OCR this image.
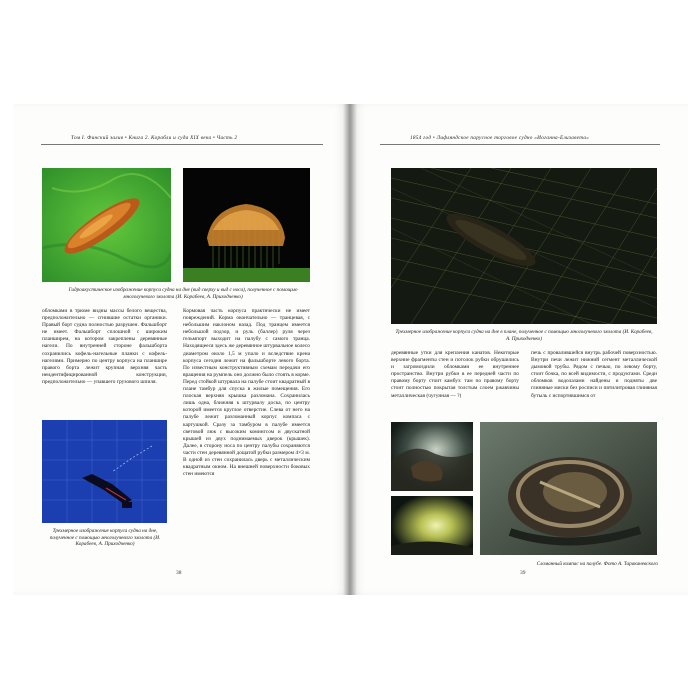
Том I. Финский залив • Книга 2. Корабли и суда XIX века • Часть 2
Гидроакустическое изображение корпуса судна на дне (вид сверху и вид с носа), полученное с помощью многолучевого эхолота (И. Корабеев, А. Приходченко)

обломками в трюме видны массы белого вещества, предположительно — сгнившие остатки органики. Правый борт судна полностью разрушен. Фальшборт не имеет. Фальшборт сплошной с широким планширем, на котором закреплены деревянные нагели. По внутренней стороне фальшборта сохранились кофель-нагельные планки с кофель-нагелями. Примерно по центру корпуса на планшире правого борта лежит крупная верхняя часть неидентифицированной конструкции, предположительно — упавшего грузового шпиля.

Трехмерное изображение корпуса судна на дне, полученное с помощью многолучевого эхолота (И. Корабеев, А. Приходченко)

Кормовая часть корпуса практически не имеет повреждений. Корма окончательно — транцевая, с небольшим наклоном назад. Под транцем имеется небольшой подзор, и руль (баллер) руля через гельмпорт выходит на палубу с самого транца. Находящееся здесь же деревянное штурвальное колесо диаметром около 1,5 м упало и вследствие крена корпуса сегодня лежит на фальшборте левого борта. По известным конструктивным схемам передачи его вращения на румпель оно должно было стоять в корме. Перед стойкой штурвала на палубе стоит квадратный в плане тамбур для спуска в жилые помещения. Его плоская верхняя крышка разломана. Сохранилась лишь одна, ближняя к штурвалу доска, по центру которой имеется круглое отверстие. Слева от него на палубе лежит разломанный корпус компаса с картушкой. Сразу за тамбуром в палубе имеется световой люк с высоким комингсом и двускатной крышей из двух поднимаемых дверок (крышек). Далее, в сторону носа по центру палубы сохраняются части стен деревянной дощатой рубки размером 4×3 м. В одной из стен сохранилась дверь с металлическим квадратным окном. На внешней поверхности боковых стен имеются

38
1854 год • Лифляндское парусное торговое судно «Иоганна-Елизавета»
Трехмерное изображение корпуса судна на дне в плане, полученное с помощью многолучевого эхолота (И. Корабеев, А. Приходченко)

деревянные утки для крепления канатов. Некоторые верхние фрагменты стен и потолок рубки обрушились и загромоздили обломками ее внутреннее пространство. Внутри рубки в ее передней части по правому борту стоит камбуз: там по правому борту стоит полностью покрытая толстым слоем ржавчины металлическая (чугунная — ?)

печь с провалившейся внутрь рабочей поверхностью. Внутри печи лежит нижний сегмент металлической дымовой трубы. Рядом с печью, по левому борту, стоит бочка, по всей видимости, с продуктами. Среди обломков водолазами найдены и подняты две глиняные миски без росписи и пятилитровая глиняная бутыль с испортившимся от

Сломанный компас на палубе. Фото А. Тараканевского
39
